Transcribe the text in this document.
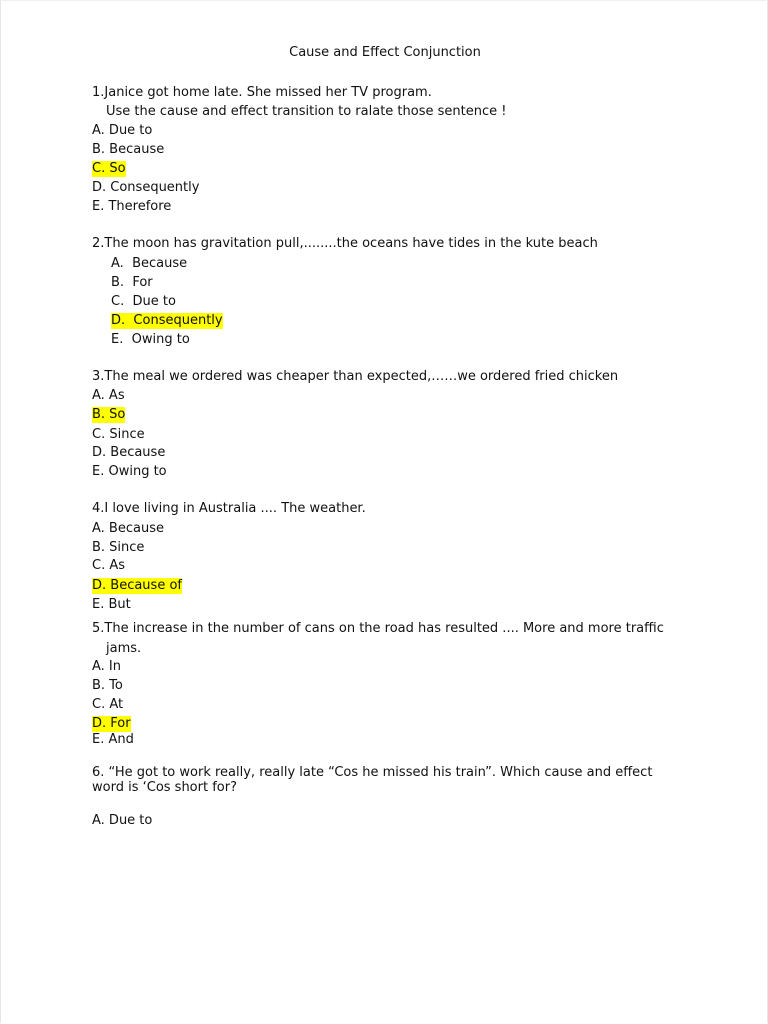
Cause and Effect Conjunction
1.Janice got home late. She missed her TV program.
Use the cause and effect transition to ralate those sentence !
A. Due to
B. Because
C. So
D. Consequently
E. Therefore
2.The moon has gravitation pull,........the oceans have tides in the kute beach
A. Because
B. For
C. Due to
D. Consequently
E. Owing to
3.The meal we ordered was cheaper than expected,……we ordered fried chicken
A. As
B. So
C. Since
D. Because
E. Owing to
4.I love living in Australia .... The weather.
A. Because
B. Since
C. As
D. Because of
E. But
5.The increase in the number of cans on the road has resulted .... More and more traffic
jams.
A. In
B. To
C. At
D. For
E. And
6. “He got to work really, really late “Cos he missed his train”. Which cause and effect
word is ‘Cos short for?
A. Due to
